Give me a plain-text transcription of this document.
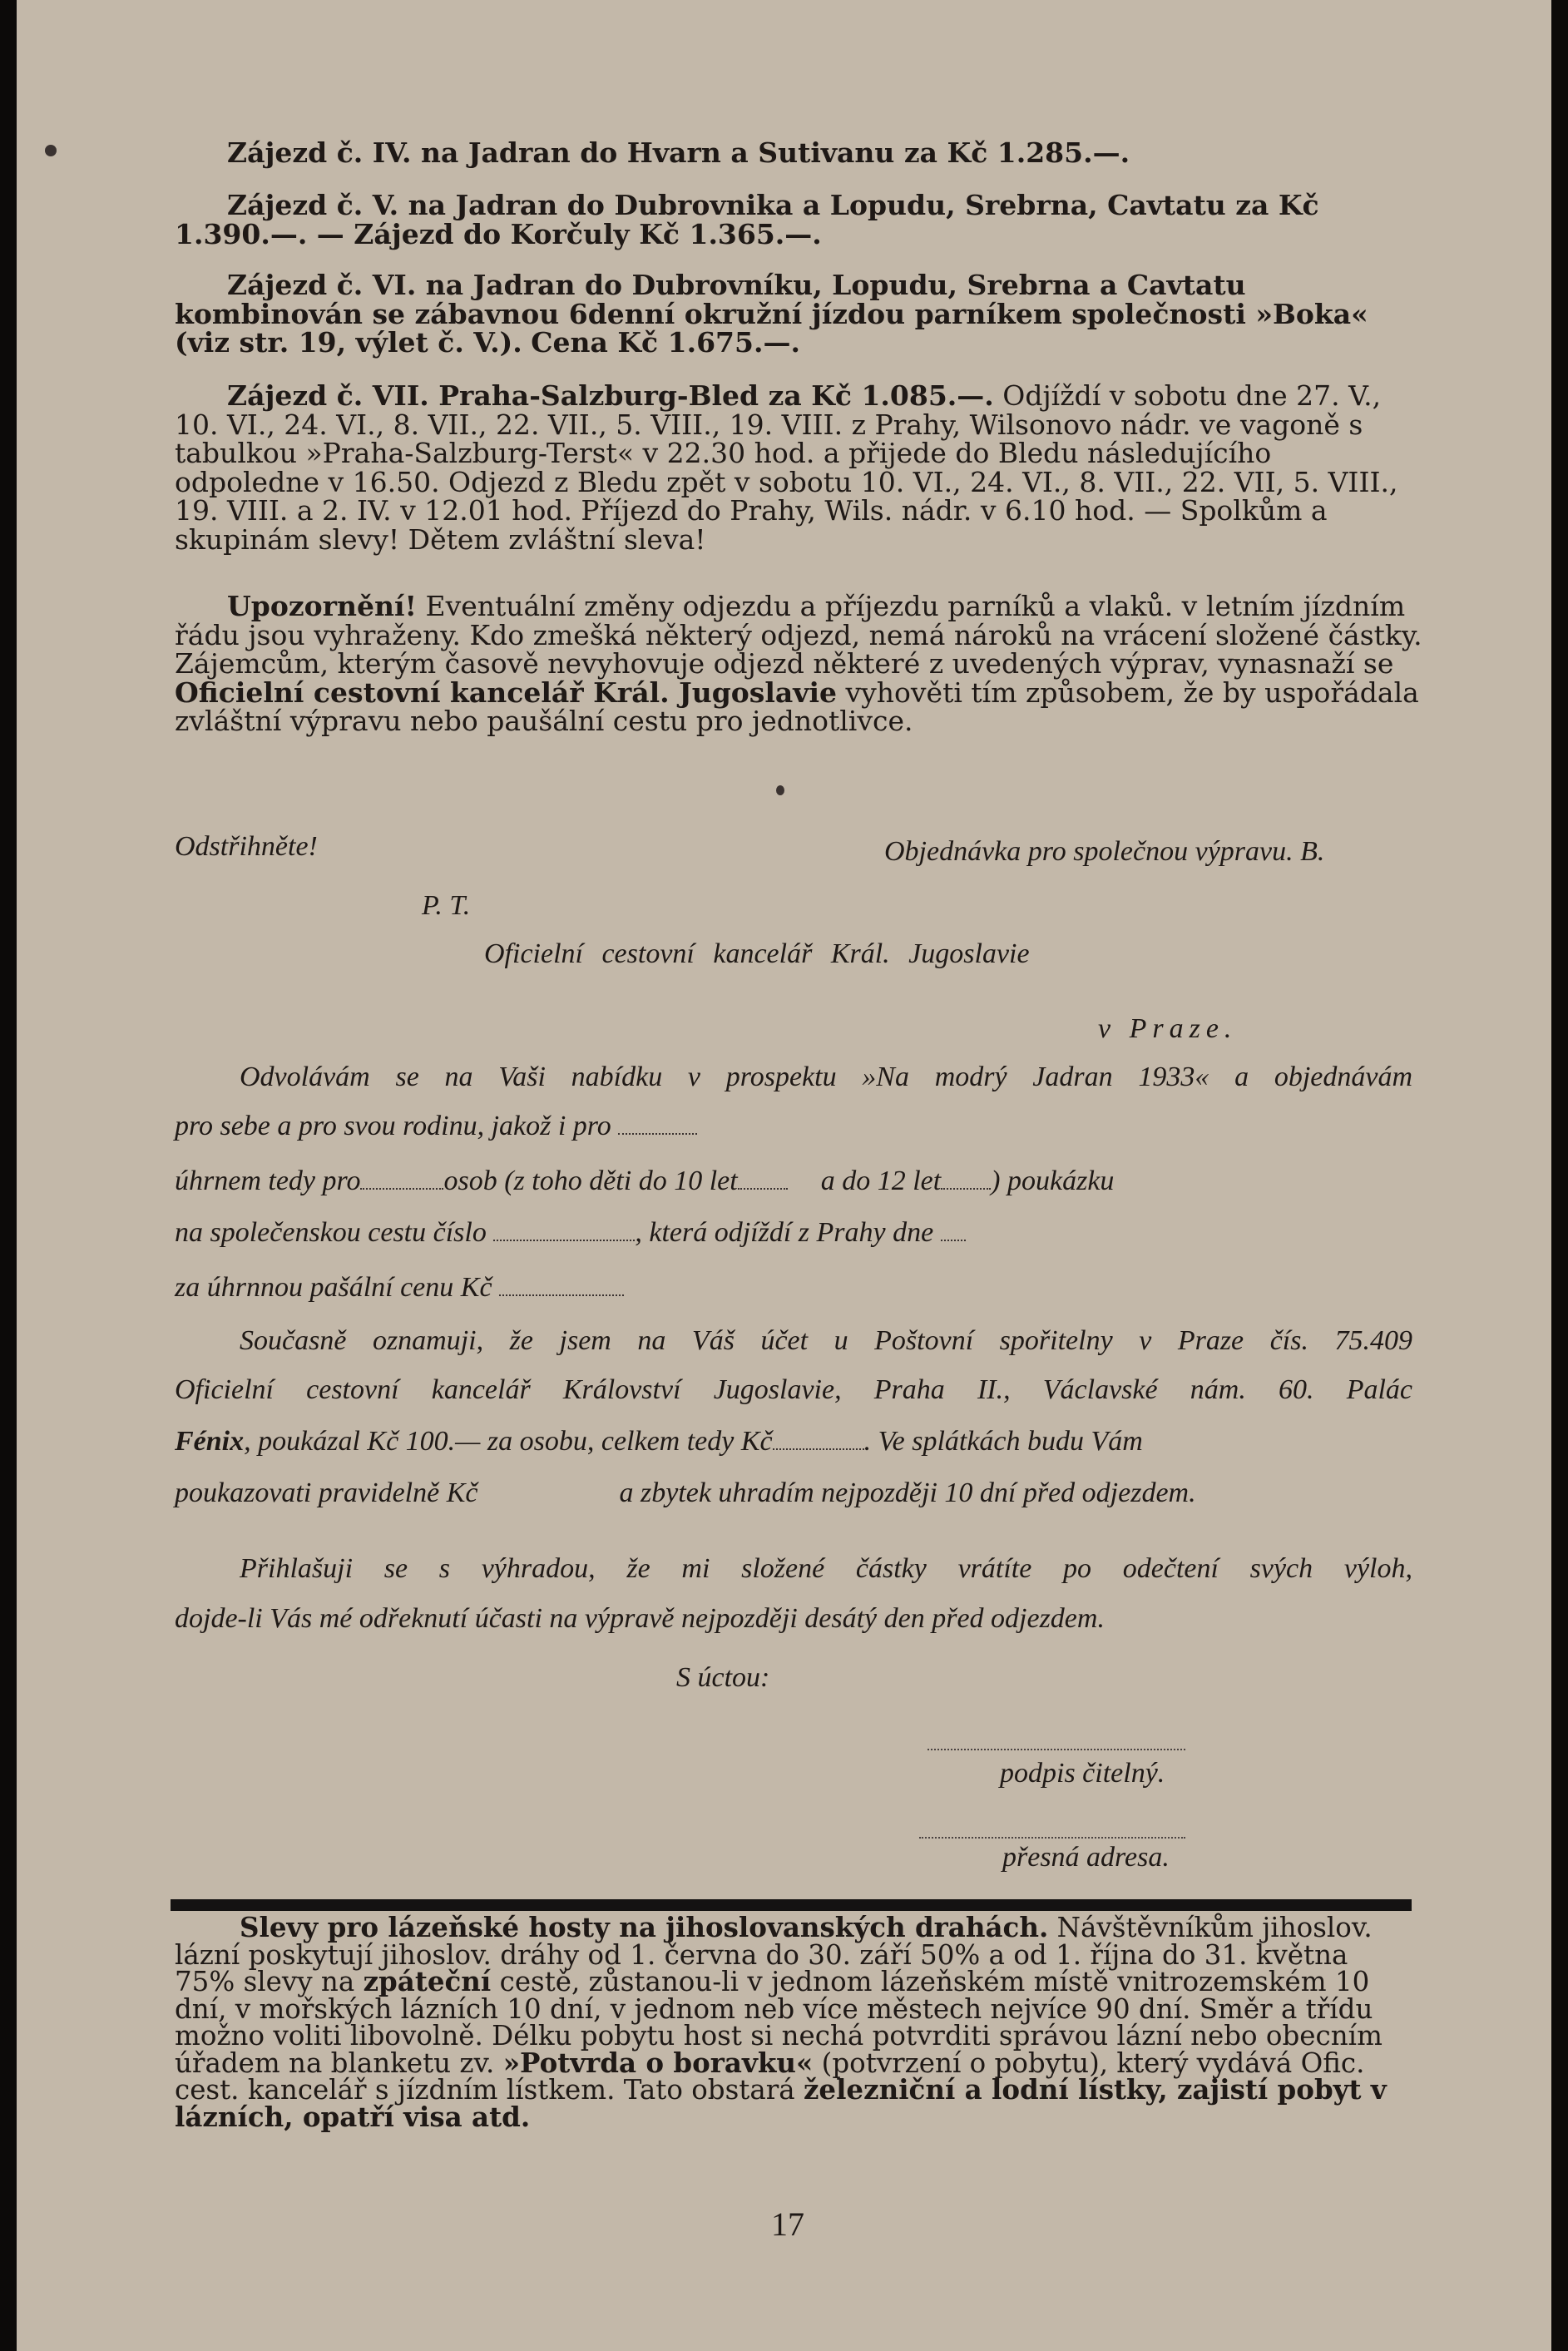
Zájezd č. IV. na Jadran do Hvarn a Sutivanu za Kč 1.285.—.

Zájezd č. V. na Jadran do Dubrovnika a Lopudu, Srebrna, Cavtatu za Kč 1.390.—. — Zájezd do Korčuly Kč 1.365.—.

Zájezd č. VI. na Jadran do Dubrovníku, Lopudu, Srebrna a Cavtatu kombinován se zábavnou 6denní okružní jízdou parníkem společnosti »Boka« (viz str. 19, výlet č. V.). Cena Kč 1.675.—.

Zájezd č. VII. Praha-Salzburg-Bled za Kč 1.085.—. Odjíždí v sobotu dne 27. V., 10. VI., 24. VI., 8. VII., 22. VII., 5. VIII., 19. VIII. z Prahy, Wilsonovo nádr. ve vagoně s tabulkou »Praha-Salzburg-Terst« v 22.30 hod. a přijede do Bledu následujícího odpoledne v 16.50. Odjezd z Bledu zpět v sobotu 10. VI., 24. VI., 8. VII., 22. VII, 5. VIII., 19. VIII. a 2. IV. v 12.01 hod. Příjezd do Prahy, Wils. nádr. v 6.10 hod. — Spolkům a skupinám slevy! Dětem zvláštní sleva!

Upozornění! Eventuální změny odjezdu a příjezdu parníků a vlaků. v letním jízdním řádu jsou vyhraženy. Kdo zmešká některý odjezd, nemá nároků na vrácení složené částky. Zájemcům, kterým časově nevyhovuje odjezd některé z uvedených výprav, vynasnaží se Oficielní cestovní kancelář Král. Jugoslavie vyhověti tím způsobem, že by uspořádala zvláštní výpravu nebo paušální cestu pro jednotlivce.

Odstřihněte!	Objednávka pro společnou výpravu. B.
P. T.
Oficielní cestovní kancelář Král. Jugoslavie
v Praze.
Odvolávám se na Vaši nabídku v prospektu »Na modrý Jadran 1933« a objednávám
pro sebe a pro svou rodinu, jakož i pro
úhrnem tedy pro	osob (z toho děti do 10 let	a do 12 let ) poukázku
na společenskou cestu číslo	, která odjíždí z Prahy dne
za úhrnnou pašální cenu Kč
Současně oznamuji, že jsem na Váš účet u Poštovní spořitelny v Praze čís. 75.409
Oficielní cestovní kancelář Království Jugoslavie, Praha II., Václavské nám. 60. Palác
Fénix, poukázal Kč 100.— za osobu, celkem tedy Kč	. Ve splátkách budu Vám
poukazovati pravidelně Kč	a zbytek uhradím nejpozději 10 dní před odjezdem.
Přihlašuji se s výhradou, že mi složené částky vrátíte po odečtení svých výloh,
dojde-li Vás mé odřeknutí účasti na výpravě nejpozději desátý den před odjezdem.
S úctou:
podpis čitelný.
přesná adresa.

Slevy pro lázeňské hosty na jihoslovanských drahách. Návštěvníkům jihoslov. lázní poskytují jihoslov. dráhy od 1. června do 30. září 50% a od 1. října do 31. května 75% slevy na zpáteční cestě, zůstanou-li v jednom lázeňském místě vnitrozemském 10 dní, v mořských lázních 10 dní, v jednom neb více městech nejvíce 90 dní. Směr a třídu možno voliti libovolně. Délku pobytu host si nechá potvrditi správou lázní nebo obecním úřadem na blanketu zv. »Potvrda o boravku« (potvrzení o pobytu), který vydává Ofic. cest. kancelář s jízdním lístkem. Tato obstará železniční a lodní lístky, zajistí pobyt v lázních, opatří visa atd.

17
